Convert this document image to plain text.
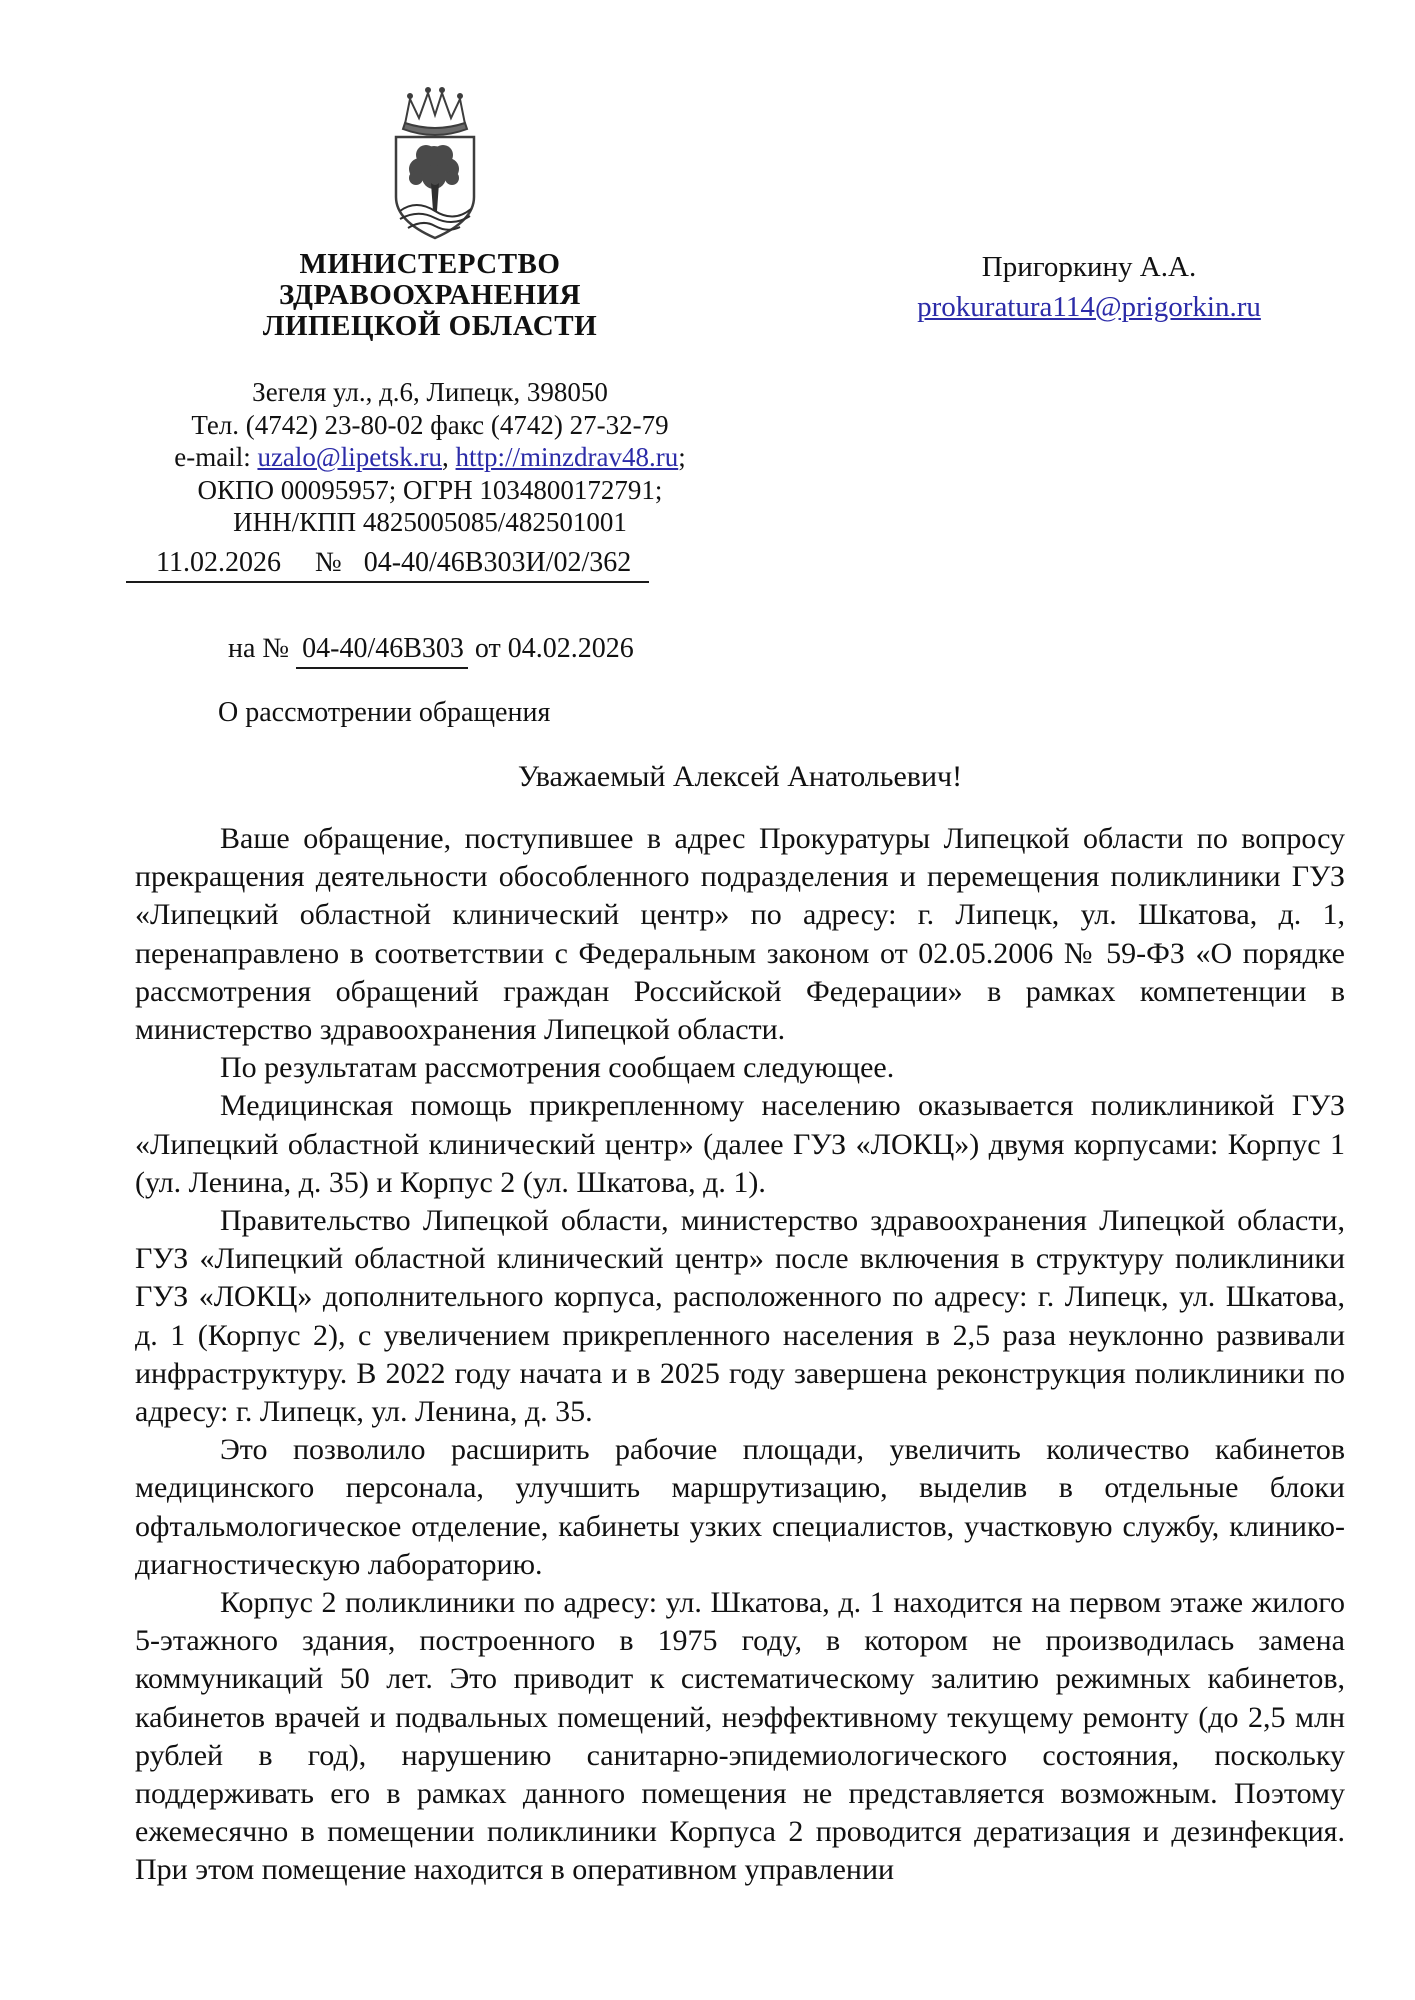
МИНИСТЕРСТВО
ЗДРАВООХРАНЕНИЯ
ЛИПЕЦКОЙ ОБЛАСТИ
Зегеля ул., д.6, Липецк, 398050
Тел. (4742) 23-80-02 факс (4742) 27-32-79
e-mail: uzalo@lipetsk.ru, http://minzdrav48.ru;
ОКПО 00095957; ОГРН 1034800172791;
ИНН/КПП 4825005085/482501001
Пригоркину А.А.
prokuratura114@prigorkin.ru
11.02.2026 № 04-40/46В303И/02/362
на № 04-40/46В303 от 04.02.2026
О рассмотрении обращения
Уважаемый Алексей Анатольевич!

Ваше обращение, поступившее в адрес Прокуратуры Липецкой области по вопросу прекращения деятельности обособленного подразделения и перемещения поликлиники ГУЗ «Липецкий областной клинический центр» по адресу: г. Липецк, ул. Шкатова, д. 1, перенаправлено в соответствии с Федеральным законом от 02.05.2006 № 59-ФЗ «О порядке рассмотрения обращений граждан Российской Федерации» в рамках компетенции в министерство здравоохранения Липецкой области.

По результатам рассмотрения сообщаем следующее.

Медицинская помощь прикрепленному населению оказывается поликлиникой ГУЗ «Липецкий областной клинический центр» (далее ГУЗ «ЛОКЦ») двумя корпусами: Корпус 1 (ул. Ленина, д. 35) и Корпус 2 (ул. Шкатова, д. 1).

Правительство Липецкой области, министерство здравоохранения Липецкой области, ГУЗ «Липецкий областной клинический центр» после включения в структуру поликлиники ГУЗ «ЛОКЦ» дополнительного корпуса, расположенного по адресу: г. Липецк, ул. Шкатова, д. 1 (Корпус 2), с увеличением прикрепленного населения в 2,5 раза неуклонно развивали инфраструктуру. В 2022 году начата и в 2025 году завершена реконструкция поликлиники по адресу: г. Липецк, ул. Ленина, д. 35.

Это позволило расширить рабочие площади, увеличить количество кабинетов медицинского персонала, улучшить маршрутизацию, выделив в отдельные блоки офтальмологическое отделение, кабинеты узких специалистов, участковую службу, клинико-диагностическую лабораторию.

Корпус 2 поликлиники по адресу: ул. Шкатова, д. 1 находится на первом этаже жилого 5-этажного здания, построенного в 1975 году, в котором не производилась замена коммуникаций 50 лет. Это приводит к систематическому залитию режимных кабинетов, кабинетов врачей и подвальных помещений, неэффективному текущему ремонту (до 2,5 млн рублей в год), нарушению санитарно-эпидемиологического состояния, поскольку поддерживать его в рамках данного помещения не представляется возможным. Поэтому ежемесячно в помещении поликлиники Корпуса 2 проводится дератизация и дезинфекция. При этом помещение находится в оперативном управлении
